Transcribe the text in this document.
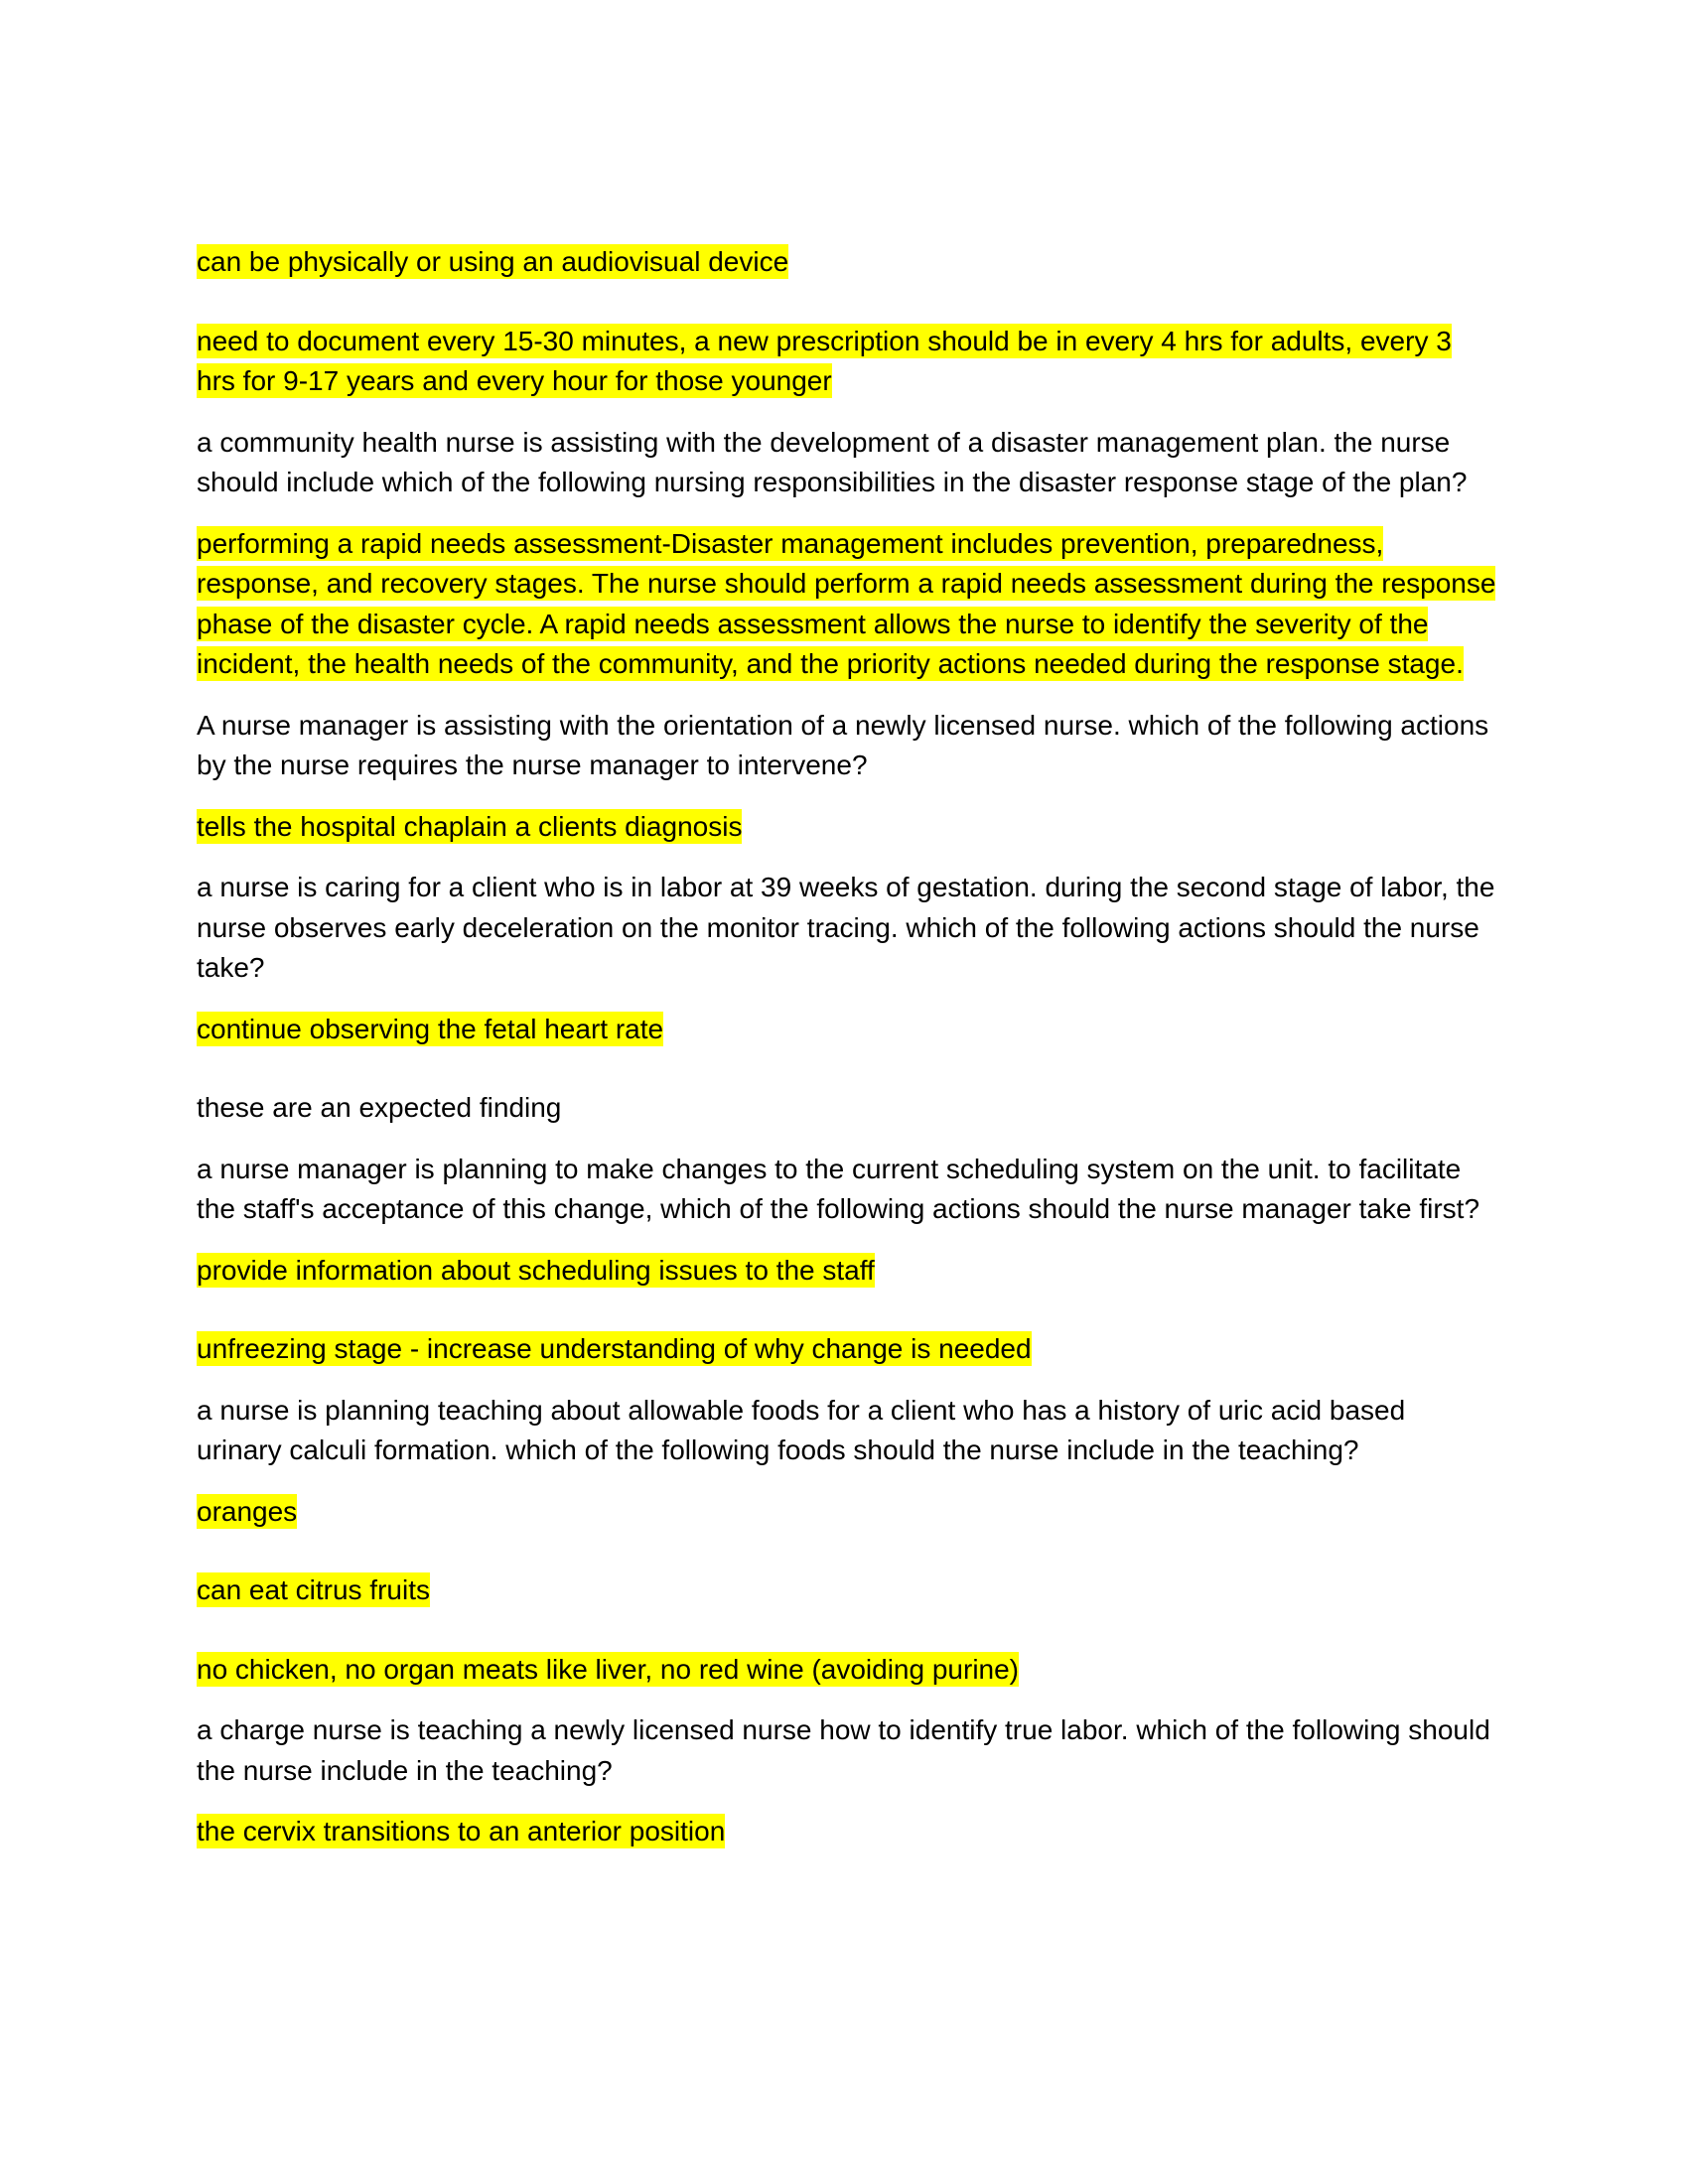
can be physically or using an audiovisual device

need to document every 15-30 minutes, a new prescription should be in every 4 hrs for adults, every 3 hrs for 9-17 years and every hour for those younger

a community health nurse is assisting with the development of a disaster management plan. the nurse should include which of the following nursing responsibilities in the disaster response stage of the plan?

performing a rapid needs assessment-Disaster management includes prevention, preparedness, response, and recovery stages. The nurse should perform a rapid needs assessment during the response phase of the disaster cycle. A rapid needs assessment allows the nurse to identify the severity of the incident, the health needs of the community, and the priority actions needed during the response stage.

A nurse manager is assisting with the orientation of a newly licensed nurse. which of the following actions by the nurse requires the nurse manager to intervene?

tells the hospital chaplain a clients diagnosis

a nurse is caring for a client who is in labor at 39 weeks of gestation. during the second stage of labor, the nurse observes early deceleration on the monitor tracing. which of the following actions should the nurse take?

continue observing the fetal heart rate

these are an expected finding

a nurse manager is planning to make changes to the current scheduling system on the unit. to facilitate the staff's acceptance of this change, which of the following actions should the nurse manager take first?

provide information about scheduling issues to the staff

unfreezing stage - increase understanding of why change is needed

a nurse is planning teaching about allowable foods for a client who has a history of uric acid based urinary calculi formation. which of the following foods should the nurse include in the teaching?

oranges

can eat citrus fruits

no chicken, no organ meats like liver, no red wine (avoiding purine)

a charge nurse is teaching a newly licensed nurse how to identify true labor. which of the following should the nurse include in the teaching?

the cervix transitions to an anterior position
